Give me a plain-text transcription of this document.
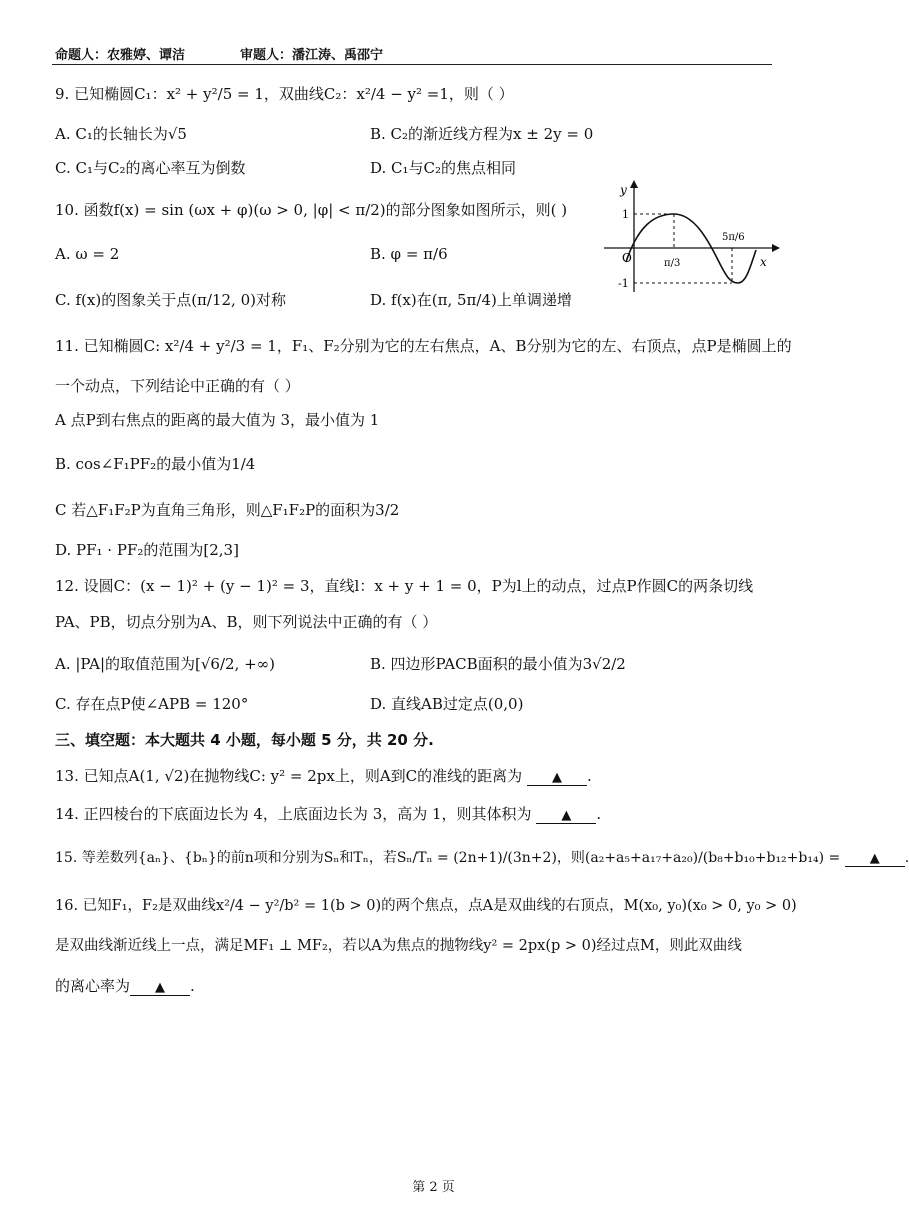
命题人：农雅婷、谭洁	审题人：潘江涛、禹邵宁
9. 已知椭圆C₁：x² + y²/5 = 1，双曲线C₂：x²/4 − y² =1，则（ ）
A. C₁的长轴长为√5	B. C₂的渐近线方程为x ± 2y = 0
C. C₁与C₂的离心率互为倒数	D. C₁与C₂的焦点相同
10. 函数f(x) = sin (ωx + φ)(ω > 0, |φ| < π/2)的部分图象如图所示，则( )
A. ω = 2	B. φ = π/6
C. f(x)的图象关于点(π/12, 0)对称	D. f(x)在(π, 5π/4)上单调递增
y
x
O
1
-1
π/3
5π/6
11. 已知椭圆C: x²/4 + y²/3 = 1，F₁、F₂分别为它的左右焦点，A、B分别为它的左、右顶点，点P是椭圆上的
一个动点，下列结论中正确的有（ ）
A 点P到右焦点的距离的最大值为 3，最小值为 1
B. cos∠F₁PF₂的最小值为1/4
C 若△F₁F₂P为直角三角形，则△F₁F₂P的面积为3/2
D. PF₁ · PF₂的范围为[2,3]
12. 设圆C：(x − 1)² + (y − 1)² = 3，直线l：x + y + 1 = 0，P为l上的动点，过点P作圆C的两条切线
PA、PB，切点分别为A、B，则下列说法中正确的有（ ）
A. |PA|的取值范围为[√6/2, +∞)	B. 四边形PACB面积的最小值为3√2/2
C. 存在点P使∠APB = 120°	D. 直线AB过定点(0,0)
三、填空题：本大题共 4 小题，每小题 5 分，共 20 分.
13. 已知点A(1, √2)在抛物线C: y² = 2px上，则A到C的准线的距离为 ▲ .
14. 正四棱台的下底面边长为 4，上底面边长为 3，高为 1，则其体积为 ▲ .
15. 等差数列{aₙ}、{bₙ}的前n项和分别为Sₙ和Tₙ，若Sₙ/Tₙ = (2n+1)/(3n+2)，则(a₂+a₅+a₁₇+a₂₀)/(b₈+b₁₀+b₁₂+b₁₄) = ▲ .
16. 已知F₁，F₂是双曲线x²/4 − y²/b² = 1(b > 0)的两个焦点，点A是双曲线的右顶点，M(x₀, y₀)(x₀ > 0, y₀ > 0)
是双曲线渐近线上一点，满足MF₁ ⊥ MF₂，若以A为焦点的抛物线y² = 2px(p > 0)经过点M，则此双曲线
的离心率为 ▲ .
第 2 页
